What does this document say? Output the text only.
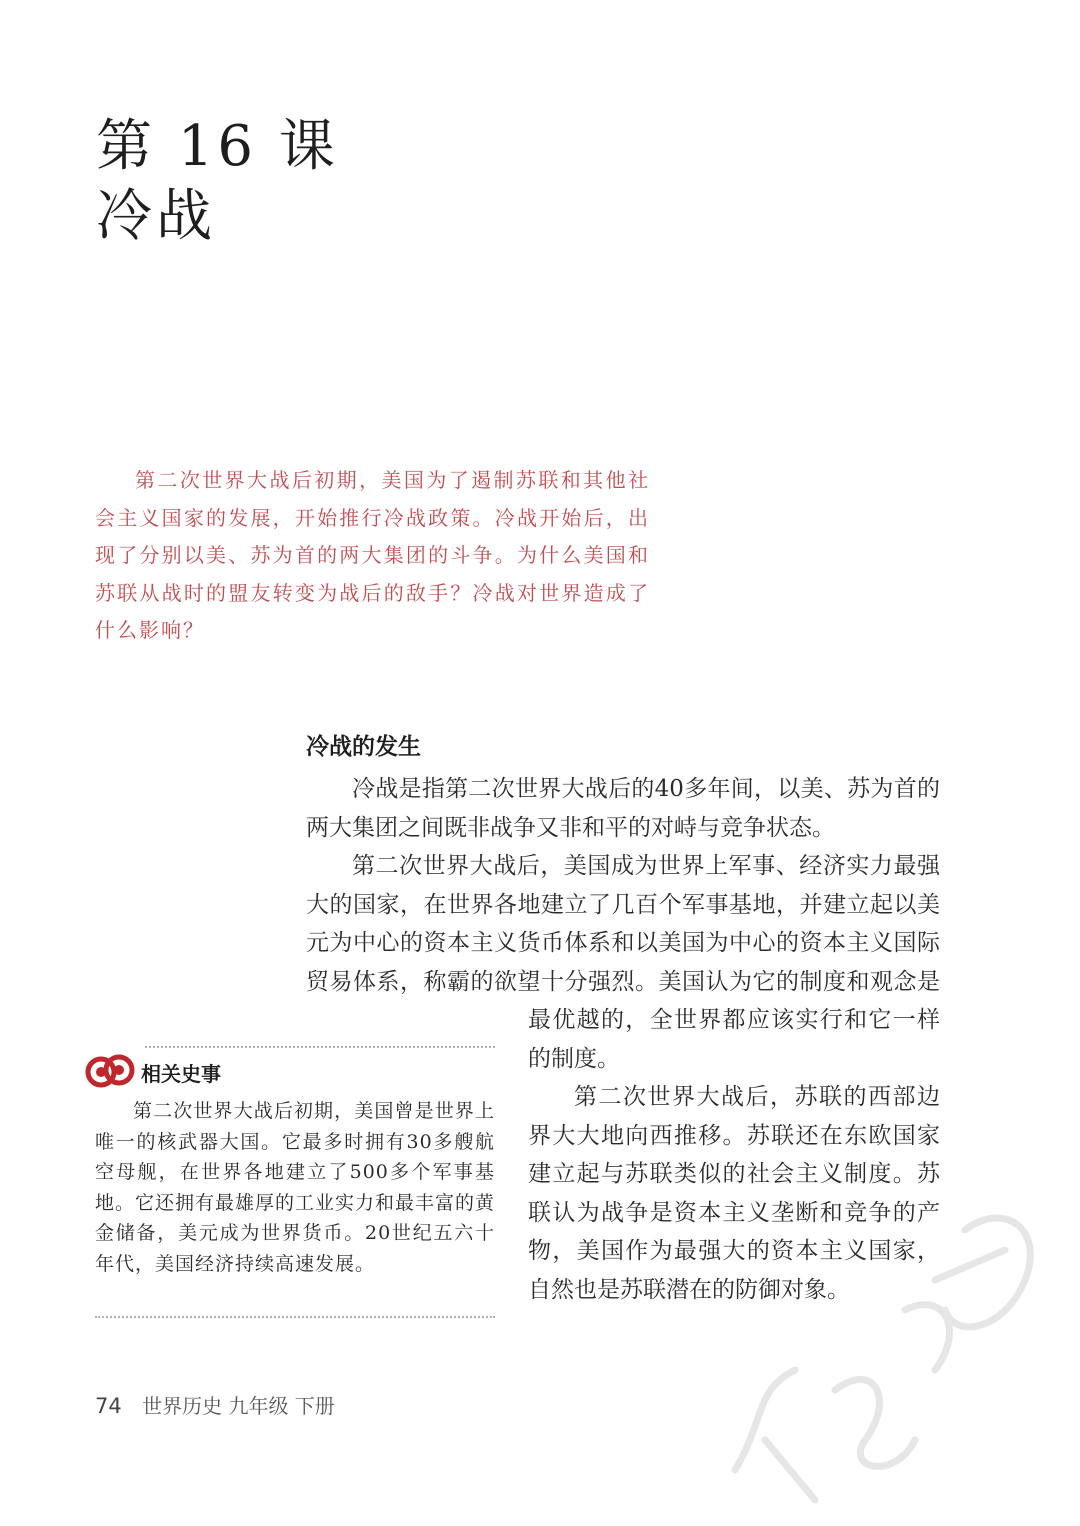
第 16 课
冷战

第二次世界大战后初期，美国为了遏制苏联和其他社会主义国家的发展，开始推行冷战政策。冷战开始后，出现了分别以美、苏为首的两大集团的斗争。为什么美国和苏联从战时的盟友转变为战后的敌手？冷战对世界造成了什么影响？

冷战的发生

冷战是指第二次世界大战后的40多年间，以美、苏为首的两大集团之间既非战争又非和平的对峙与竞争状态。

第二次世界大战后，美国成为世界上军事、经济实力最强大的国家，在世界各地建立了几百个军事基地，并建立起以美元为中心的资本主义货币体系和以美国为中心的资本主义国际贸易体系，称霸的欲望十分强烈。美国认为它的制度和观念是最优越的，全世界都应该实行和它一样的制度。

第二次世界大战后，苏联的西部边界大大地向西推移。苏联还在东欧国家建立起与苏联类似的社会主义制度。苏联认为战争是资本主义垄断和竞争的产物，美国作为最强大的资本主义国家，自然也是苏联潜在的防御对象。

相关史事

第二次世界大战后初期，美国曾是世界上唯一的核武器大国。它最多时拥有30多艘航空母舰，在世界各地建立了500多个军事基地。它还拥有最雄厚的工业实力和最丰富的黄金储备，美元成为世界货币。20世纪五六十年代，美国经济持续高速发展。

74 世界历史 九年级 下册
